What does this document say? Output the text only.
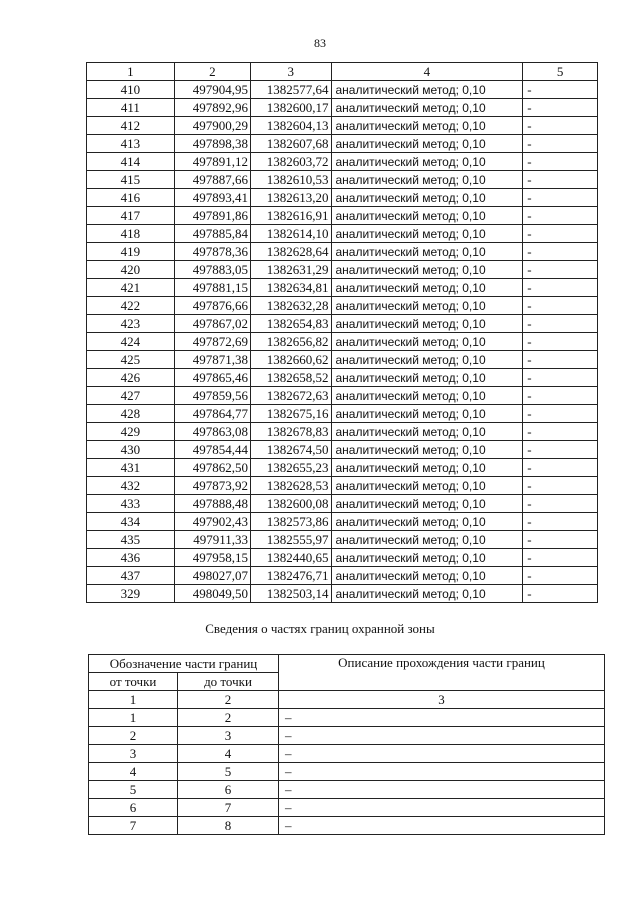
83
1	2	3	4	5
410	497904,95	1382577,64	аналитический метод; 0,10	-
411	497892,96	1382600,17	аналитический метод; 0,10	-
412	497900,29	1382604,13	аналитический метод; 0,10	-
413	497898,38	1382607,68	аналитический метод; 0,10	-
414	497891,12	1382603,72	аналитический метод; 0,10	-
415	497887,66	1382610,53	аналитический метод; 0,10	-
416	497893,41	1382613,20	аналитический метод; 0,10	-
417	497891,86	1382616,91	аналитический метод; 0,10	-
418	497885,84	1382614,10	аналитический метод; 0,10	-
419	497878,36	1382628,64	аналитический метод; 0,10	-
420	497883,05	1382631,29	аналитический метод; 0,10	-
421	497881,15	1382634,81	аналитический метод; 0,10	-
422	497876,66	1382632,28	аналитический метод; 0,10	-
423	497867,02	1382654,83	аналитический метод; 0,10	-
424	497872,69	1382656,82	аналитический метод; 0,10	-
425	497871,38	1382660,62	аналитический метод; 0,10	-
426	497865,46	1382658,52	аналитический метод; 0,10	-
427	497859,56	1382672,63	аналитический метод; 0,10	-
428	497864,77	1382675,16	аналитический метод; 0,10	-
429	497863,08	1382678,83	аналитический метод; 0,10	-
430	497854,44	1382674,50	аналитический метод; 0,10	-
431	497862,50	1382655,23	аналитический метод; 0,10	-
432	497873,92	1382628,53	аналитический метод; 0,10	-
433	497888,48	1382600,08	аналитический метод; 0,10	-
434	497902,43	1382573,86	аналитический метод; 0,10	-
435	497911,33	1382555,97	аналитический метод; 0,10	-
436	497958,15	1382440,65	аналитический метод; 0,10	-
437	498027,07	1382476,71	аналитический метод; 0,10	-
329	498049,50	1382503,14	аналитический метод; 0,10	-
Сведения о частях границ охранной зоны
Обозначение части границ		Описание прохождения части границ
от точки	до точки	
1	2	3
1	2	–
2	3	–
3	4	–
4	5	–
5	6	–
6	7	–
7	8	–
